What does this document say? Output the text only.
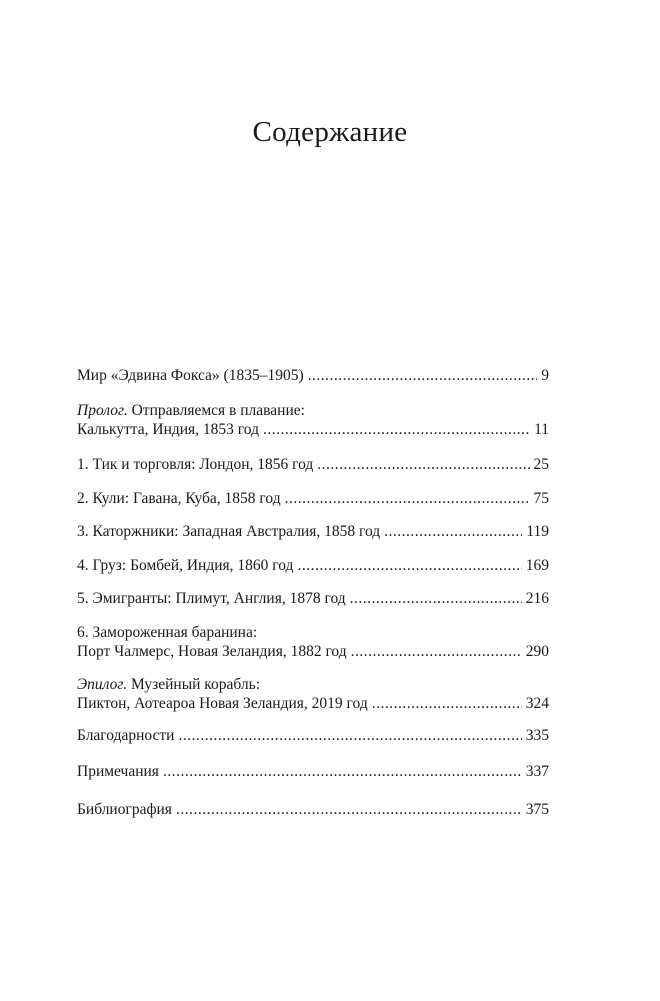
Содержание
Мир «Эдвина Фокса» (1835–1905) .....	9
Пролог. Отправляемся в плавание:
Калькутта, Индия, 1853 год .....	11
1. Тик и торговля: Лондон, 1856 год .....	25
2. Кули: Гавана, Куба, 1858 год .....	75
3. Каторжники: Западная Австралия, 1858 год .....	119
4. Груз: Бомбей, Индия, 1860 год .....	169
5. Эмигранты: Плимут, Англия, 1878 год .....	216
6. Замороженная баранина:
Порт Чалмерс, Новая Зеландия, 1882 год .....	290
Эпилог. Музейный корабль:
Пиктон, Аотеароа Новая Зеландия, 2019 год .....	324
Благодарности .....	335
Примечания .....	337
Библиография .....	375
